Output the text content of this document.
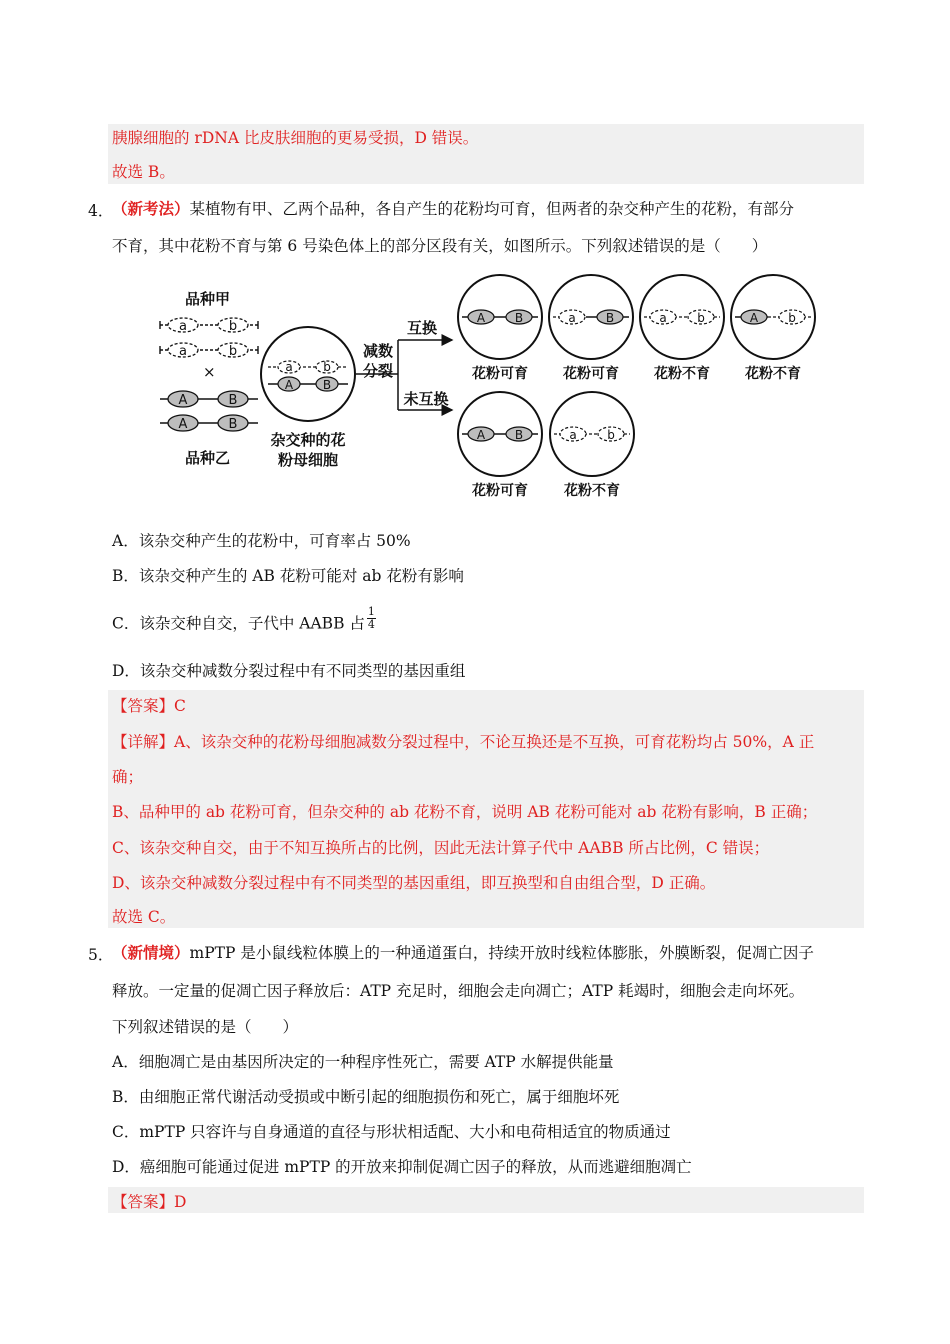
胰腺细胞的 rDNA 比皮肤细胞的更易受损，D 错误。
故选 B。
4．
（新考法）某植物有甲、乙两个品种，各自产生的花粉均可育，但两者的杂交种产生的花粉，有部分
不育，其中花粉不育与第 6 号染色体上的部分区段有关，如图所示。下列叙述错误的是（　　）
品种甲
a	b
a	b
×
A	B
A	B
品种乙
a	b
A B
杂交种的花
粉母细胞
减数
分裂
互换
未互换
A B
花粉可育
a	B
花粉可育
a	b
花粉不育
A	b
花粉不育
A B
花粉可育
a	b
花粉不育
A．该杂交种产生的花粉中，可育率占 50%
B．该杂交种产生的 AB 花粉可能对 ab 花粉有影响
C．该杂交种自交，子代中 AABB 占 $\frac{1}{4}$
D．该杂交种减数分裂过程中有不同类型的基因重组
【答案】C
【详解】A、该杂交种的花粉母细胞减数分裂过程中，不论互换还是不互换，可育花粉均占 50%，A 正
确；
B、品种甲的 ab 花粉可育，但杂交种的 ab 花粉不育，说明 AB 花粉可能对 ab 花粉有影响，B 正确；
C、该杂交种自交，由于不知互换所占的比例，因此无法计算子代中 AABB 所占比例，C 错误；
D、该杂交种减数分裂过程中有不同类型的基因重组，即互换型和自由组合型，D 正确。
故选 C。
5．
（新情境）mPTP 是小鼠线粒体膜上的一种通道蛋白，持续开放时线粒体膨胀，外膜断裂，促凋亡因子
释放。一定量的促凋亡因子释放后：ATP 充足时，细胞会走向凋亡；ATP 耗竭时，细胞会走向坏死。
下列叙述错误的是（　　）
A．细胞凋亡是由基因所决定的一种程序性死亡，需要 ATP 水解提供能量
B．由细胞正常代谢活动受损或中断引起的细胞损伤和死亡，属于细胞坏死
C．mPTP 只容许与自身通道的直径与形状相适配、大小和电荷相适宜的物质通过
D．癌细胞可能通过促进 mPTP 的开放来抑制促凋亡因子的释放，从而逃避细胞凋亡
【答案】D
